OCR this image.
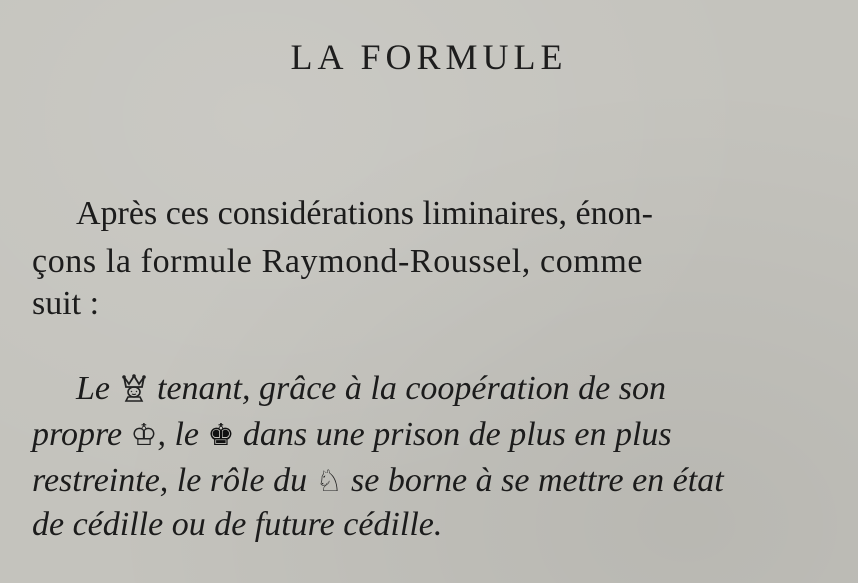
LA FORMULE
Après ces considérations liminaires, énon-
çons la formule Raymond-Roussel, comme
suit :
Le  tenant, grâce à la coopération de son
propre ♔, le ♚ dans une prison de plus en plus
restreinte, le rôle du ♘ se borne à se mettre en état
de cédille ou de future cédille.
